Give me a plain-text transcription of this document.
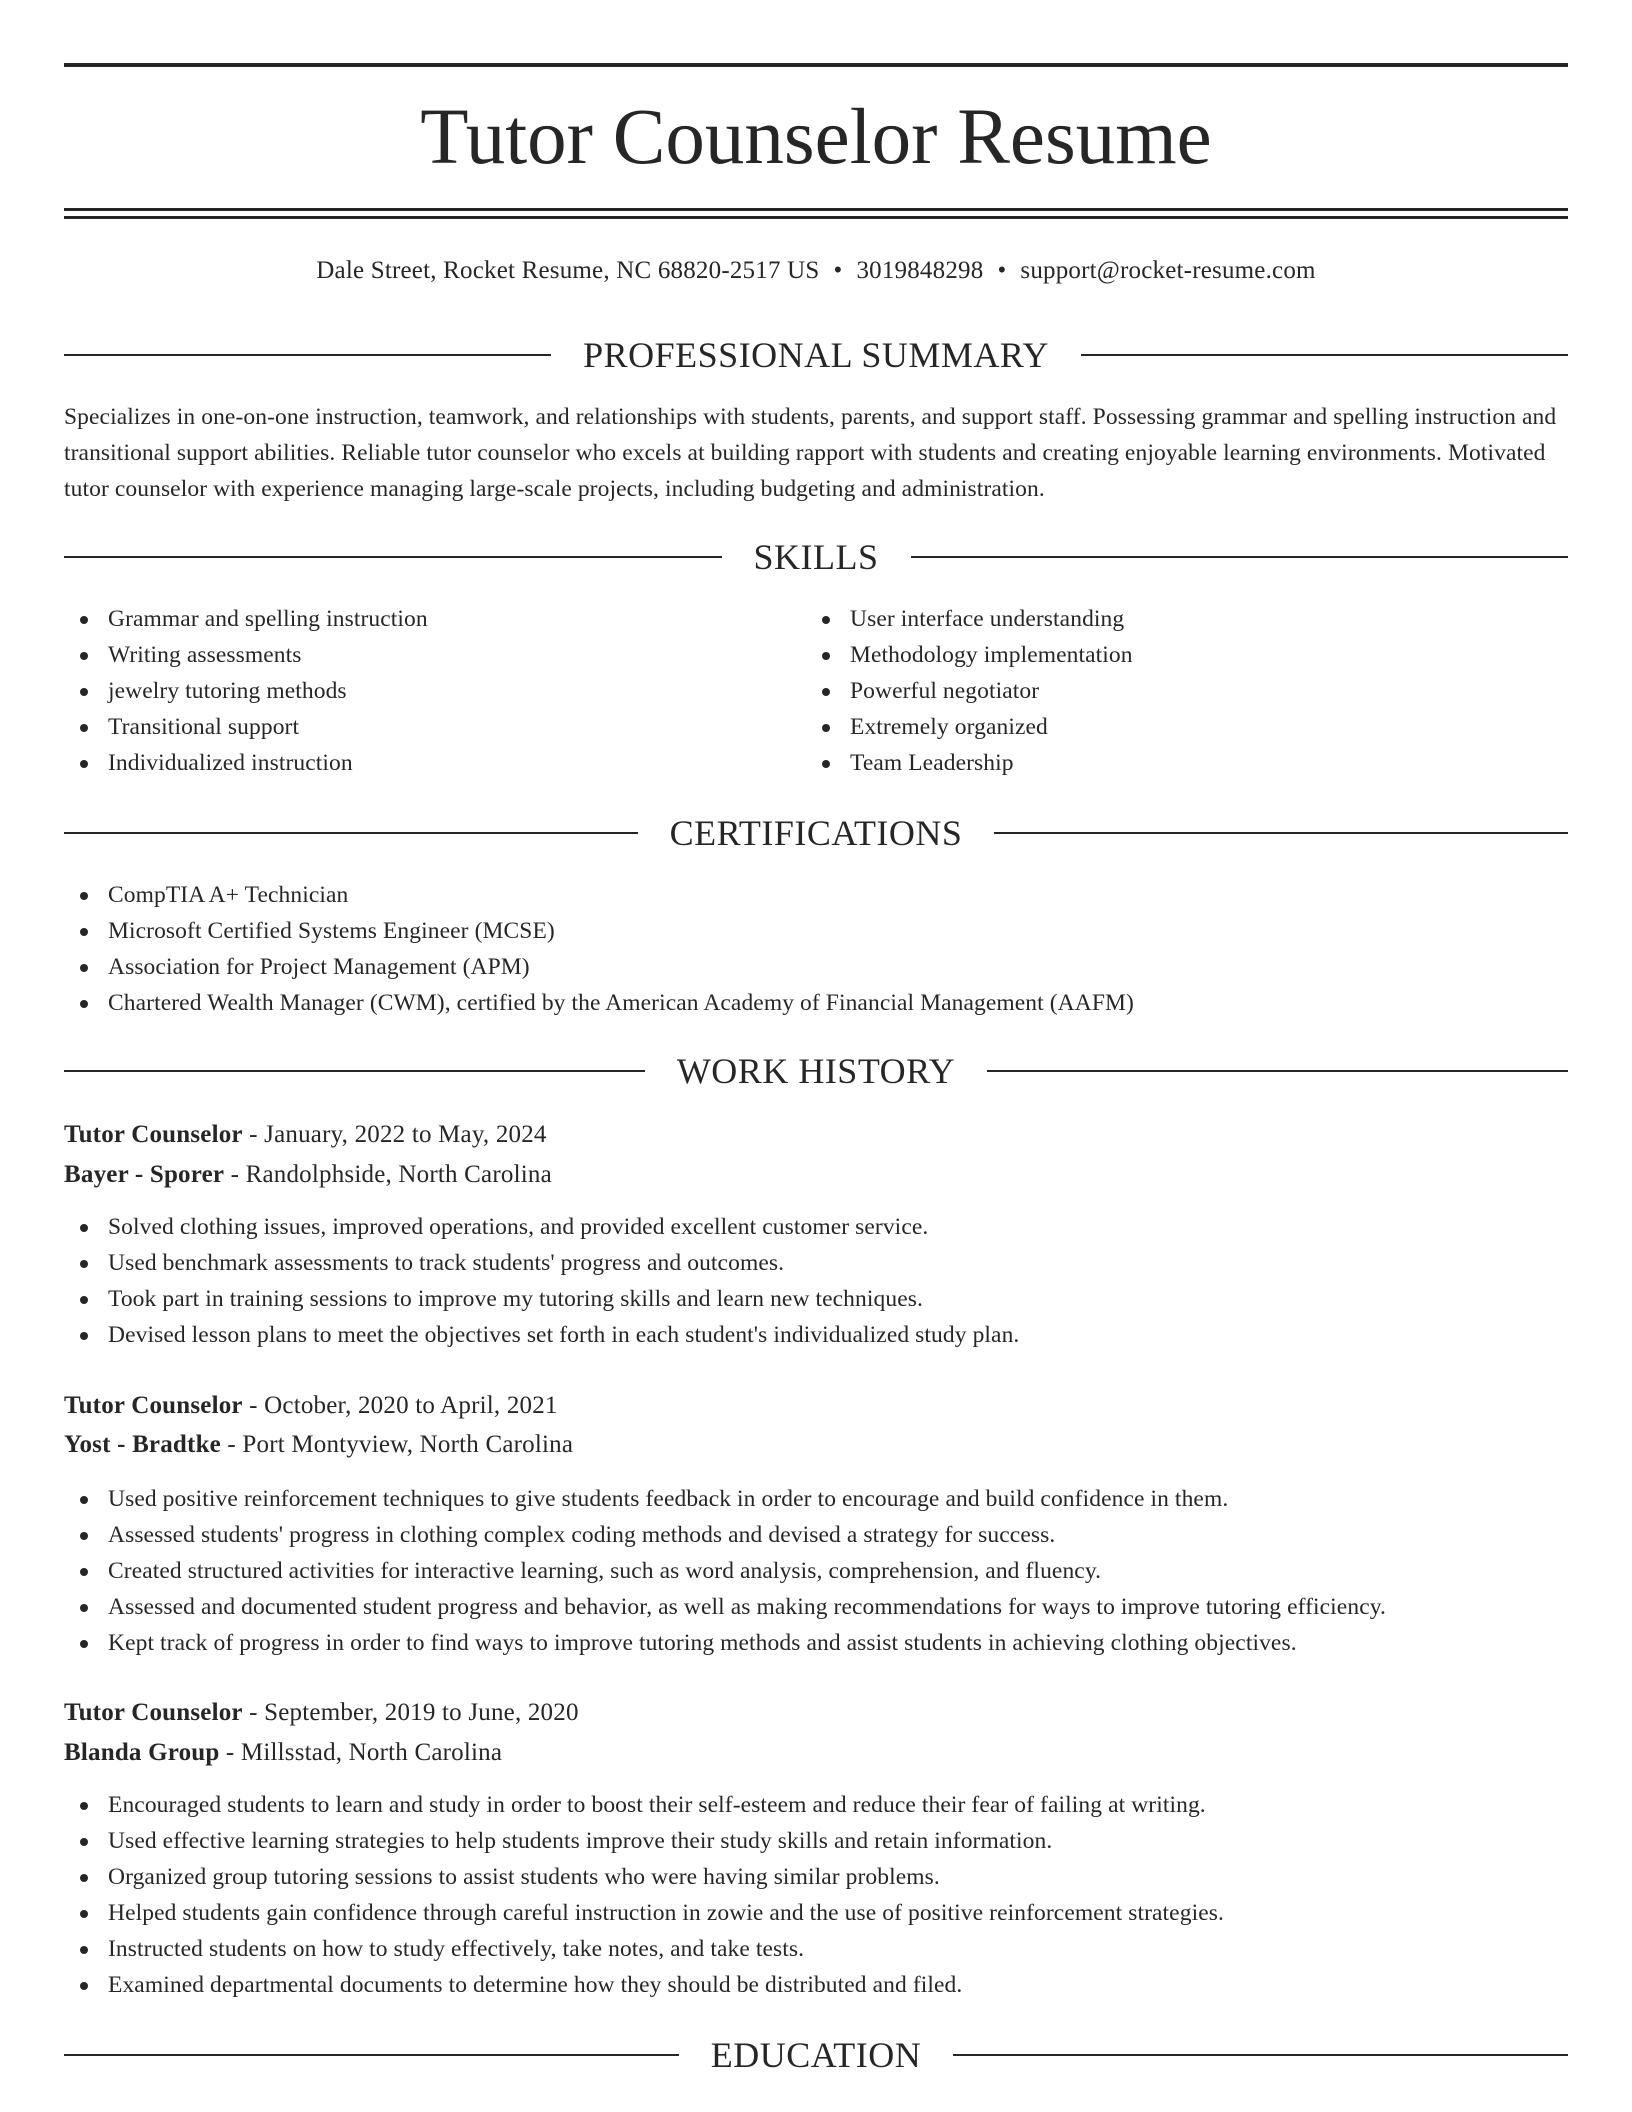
Tutor Counselor Resume
Dale Street, Rocket Resume, NC 68820-2517 US • 3019848298 • support@rocket-resume.com
PROFESSIONAL SUMMARY

Specializes in one-on-one instruction, teamwork, and relationships with students, parents, and support staff. Possessing grammar and spelling instruction and transitional support abilities. Reliable tutor counselor who excels at building rapport with students and creating enjoyable learning environments. Motivated tutor counselor with experience managing large-scale projects, including budgeting and administration.

SKILLS
Grammar and spelling instruction
Writing assessments
jewelry tutoring methods
Transitional support
Individualized instruction
User interface understanding
Methodology implementation
Powerful negotiator
Extremely organized
Team Leadership
CERTIFICATIONS
CompTIA A+ Technician
Microsoft Certified Systems Engineer (MCSE)
Association for Project Management (APM)
Chartered Wealth Manager (CWM), certified by the American Academy of Financial Management (AAFM)
WORK HISTORY
Tutor Counselor - January, 2022 to May, 2024
Bayer - Sporer - Randolphside, North Carolina
Solved clothing issues, improved operations, and provided excellent customer service.
Used benchmark assessments to track students' progress and outcomes.
Took part in training sessions to improve my tutoring skills and learn new techniques.
Devised lesson plans to meet the objectives set forth in each student's individualized study plan.
Tutor Counselor - October, 2020 to April, 2021
Yost - Bradtke - Port Montyview, North Carolina
Used positive reinforcement techniques to give students feedback in order to encourage and build confidence in them.
Assessed students' progress in clothing complex coding methods and devised a strategy for success.
Created structured activities for interactive learning, such as word analysis, comprehension, and fluency.
Assessed and documented student progress and behavior, as well as making recommendations for ways to improve tutoring efficiency.
Kept track of progress in order to find ways to improve tutoring methods and assist students in achieving clothing objectives.
Tutor Counselor - September, 2019 to June, 2020
Blanda Group - Millsstad, North Carolina
Encouraged students to learn and study in order to boost their self-esteem and reduce their fear of failing at writing.
Used effective learning strategies to help students improve their study skills and retain information.
Organized group tutoring sessions to assist students who were having similar problems.
Helped students gain confidence through careful instruction in zowie and the use of positive reinforcement strategies.
Instructed students on how to study effectively, take notes, and take tests.
Examined departmental documents to determine how they should be distributed and filed.
EDUCATION
